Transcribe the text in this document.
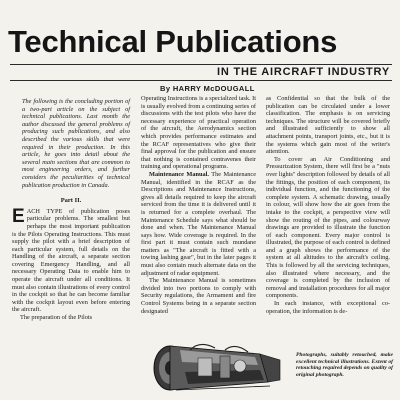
Technical Publications
IN THE AIRCRAFT INDUSTRY
By HARRY McDOUGALL

The following is the concluding portion of a two-part article on the subject of technical publications. Last month the author discussed the general problems of producing such publications, and also described the various skills that were required in their production. In this article, he goes into detail about the several main sections that are common to most engineering orders, and further considers the peculiarities of technical publication production in Canada.

Part II.

EACH TYPE of publication poses particular problems. The smallest but perhaps the most important publication is the Pilots Operating Instructions. This must supply the pilot with a brief description of each particular system, full details on the Handling of the aircraft, a separate section covering Emergency Handling, and all necessary Operating Data to enable him to operate the aircraft under all conditions. It must also contain illustrations of every control in the cockpit so that he can become familiar with the cockpit layout even before entering the aircraft.

The preparation of the Pilots

Operating Instructions is a specialized task. It is usually evolved from a continuing series of discussions with the test pilots who have the necessary experience of practical operation of the aircraft, the Aerodynamics section which provides performance estimates and the RCAF representatives who give their final approval for the publication and ensure that nothing is contained contravenes their training and operational programs.

Maintenance Manual. The Maintenance Manual, identified in the RCAF as the Descriptions and Maintenance Instructions, gives all details required to keep the aircraft serviced from the time it is delivered until it is returned for a complete overhaul. The Maintenance Schedule says what should be done and when. The Maintenance Manual says how. Wide coverage is required. In the first part it must contain such mundane matters as "The aircraft is fitted with a towing lashing gear", but in the later pages it must also contain much alternate data on the adjustment of radar equipment.

The Maintenance Manual is sometimes divided into two portions to comply with Security regulations, the Armament and fire Control Systems being in a separate section designated

as Confidential so that the bulk of the publication can be circulated under a lower classification. The emphasis is on servicing techniques. The structure will be covered briefly and illustrated sufficiently to show all attachment points, transport joints, etc., but it is the systems which gain most of the writer's attention.

To cover an Air Conditioning and Pressurization System, there will first be a "nuts over lights" description followed by details of all the fittings, the position of each component, its individual function, and the functioning of the complete system. A schematic drawing, usually in colour, will show how the air goes from the intake to the cockpit, a perspective view will show the routing of the pipes, and colourway drawings are provided to illustrate the function of each component. Every major control is illustrated, the purpose of each control is defined and a graph shows the performance of the system at all altitudes to the aircraft's ceiling. This is followed by all the servicing techniques, also illustrated where necessary, and the coverage is completed by the inclusion of removal and installation procedures for all major components.

In each instance, with exceptional co-operation, the information is de-

Photographs, suitably retouched, make excellent technical illustrations. Extent of retouching required depends on quality of original photograph.
